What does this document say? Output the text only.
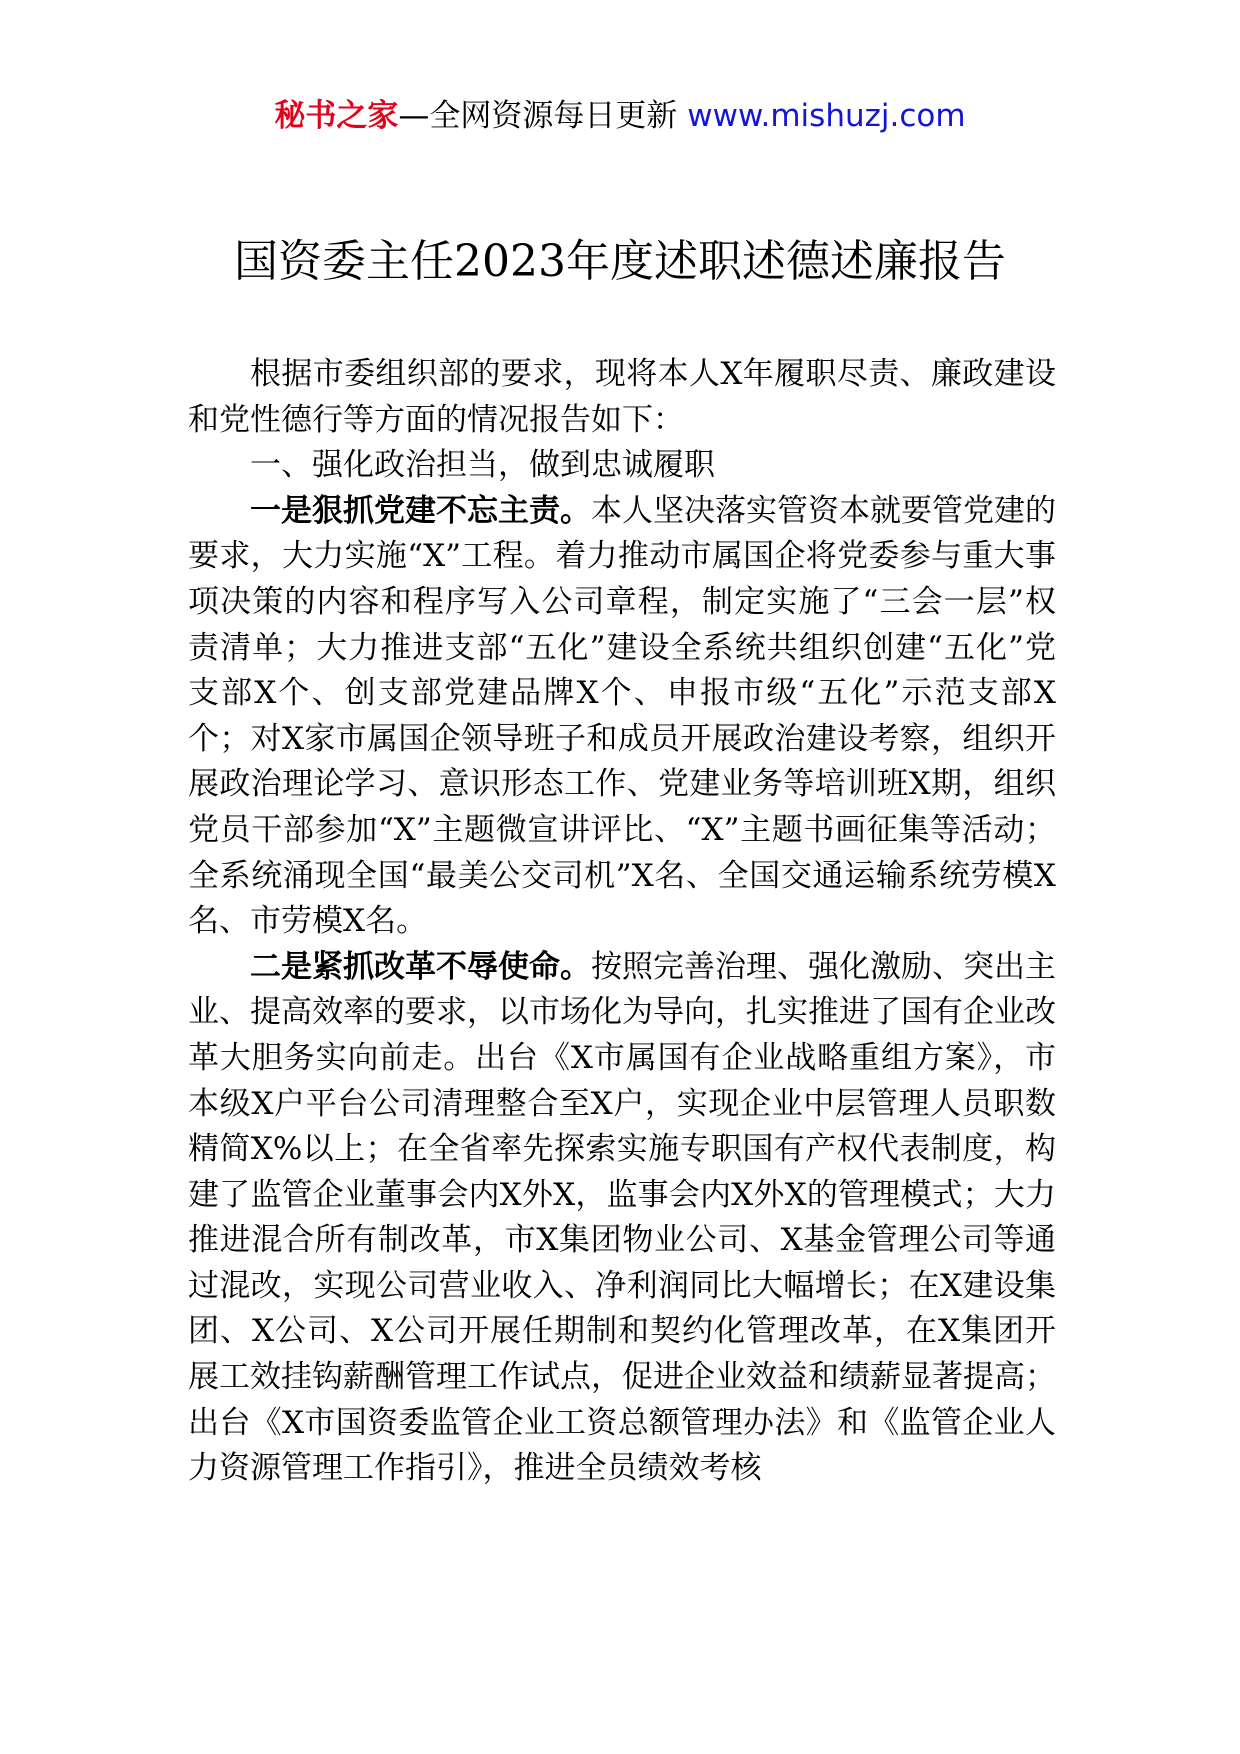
秘书之家—全网资源每日更新 www.mishuzj.com
国资委主任2023年度述职述德述廉报告

根据市委组织部的要求，现将本人X年履职尽责、廉政建设和党性德行等方面的情况报告如下：

一、强化政治担当，做到忠诚履职

一是狠抓党建不忘主责。本人坚决落实管资本就要管党建的要求，大力实施“X”工程。着力推动市属国企将党委参与重大事项决策的内容和程序写入公司章程，制定实施了“三会一层”权责清单；大力推进支部“五化”建设全系统共组织创建“五化”党支部X个、创支部党建品牌X个、申报市级“五化”示范支部X个；对X家市属国企领导班子和成员开展政治建设考察，组织开展政治理论学习、意识形态工作、党建业务等培训班X期，组织党员干部参加“X”主题微宣讲评比、“X”主题书画征集等活动；全系统涌现全国“最美公交司机”X名、全国交通运输系统劳模X名、市劳模X名。

二是紧抓改革不辱使命。按照完善治理、强化激励、突出主业、提高效率的要求，以市场化为导向，扎实推进了国有企业改革大胆务实向前走。出台《X市属国有企业战略重组方案》，市本级X户平台公司清理整合至X户，实现企业中层管理人员职数精简X%以上；在全省率先探索实施专职国有产权代表制度，构建了监管企业董事会内X外X，监事会内X外X的管理模式；大力推进混合所有制改革，市X集团物业公司、X基金管理公司等通过混改，实现公司营业收入、净利润同比大幅增长；在X建设集团、X公司、X公司开展任期制和契约化管理改革，在X集团开展工效挂钩薪酬管理工作试点，促进企业效益和绩薪显著提高；出台《X市国资委监管企业工资总额管理办法》和《监管企业人力资源管理工作指引》，推进全员绩效考核
